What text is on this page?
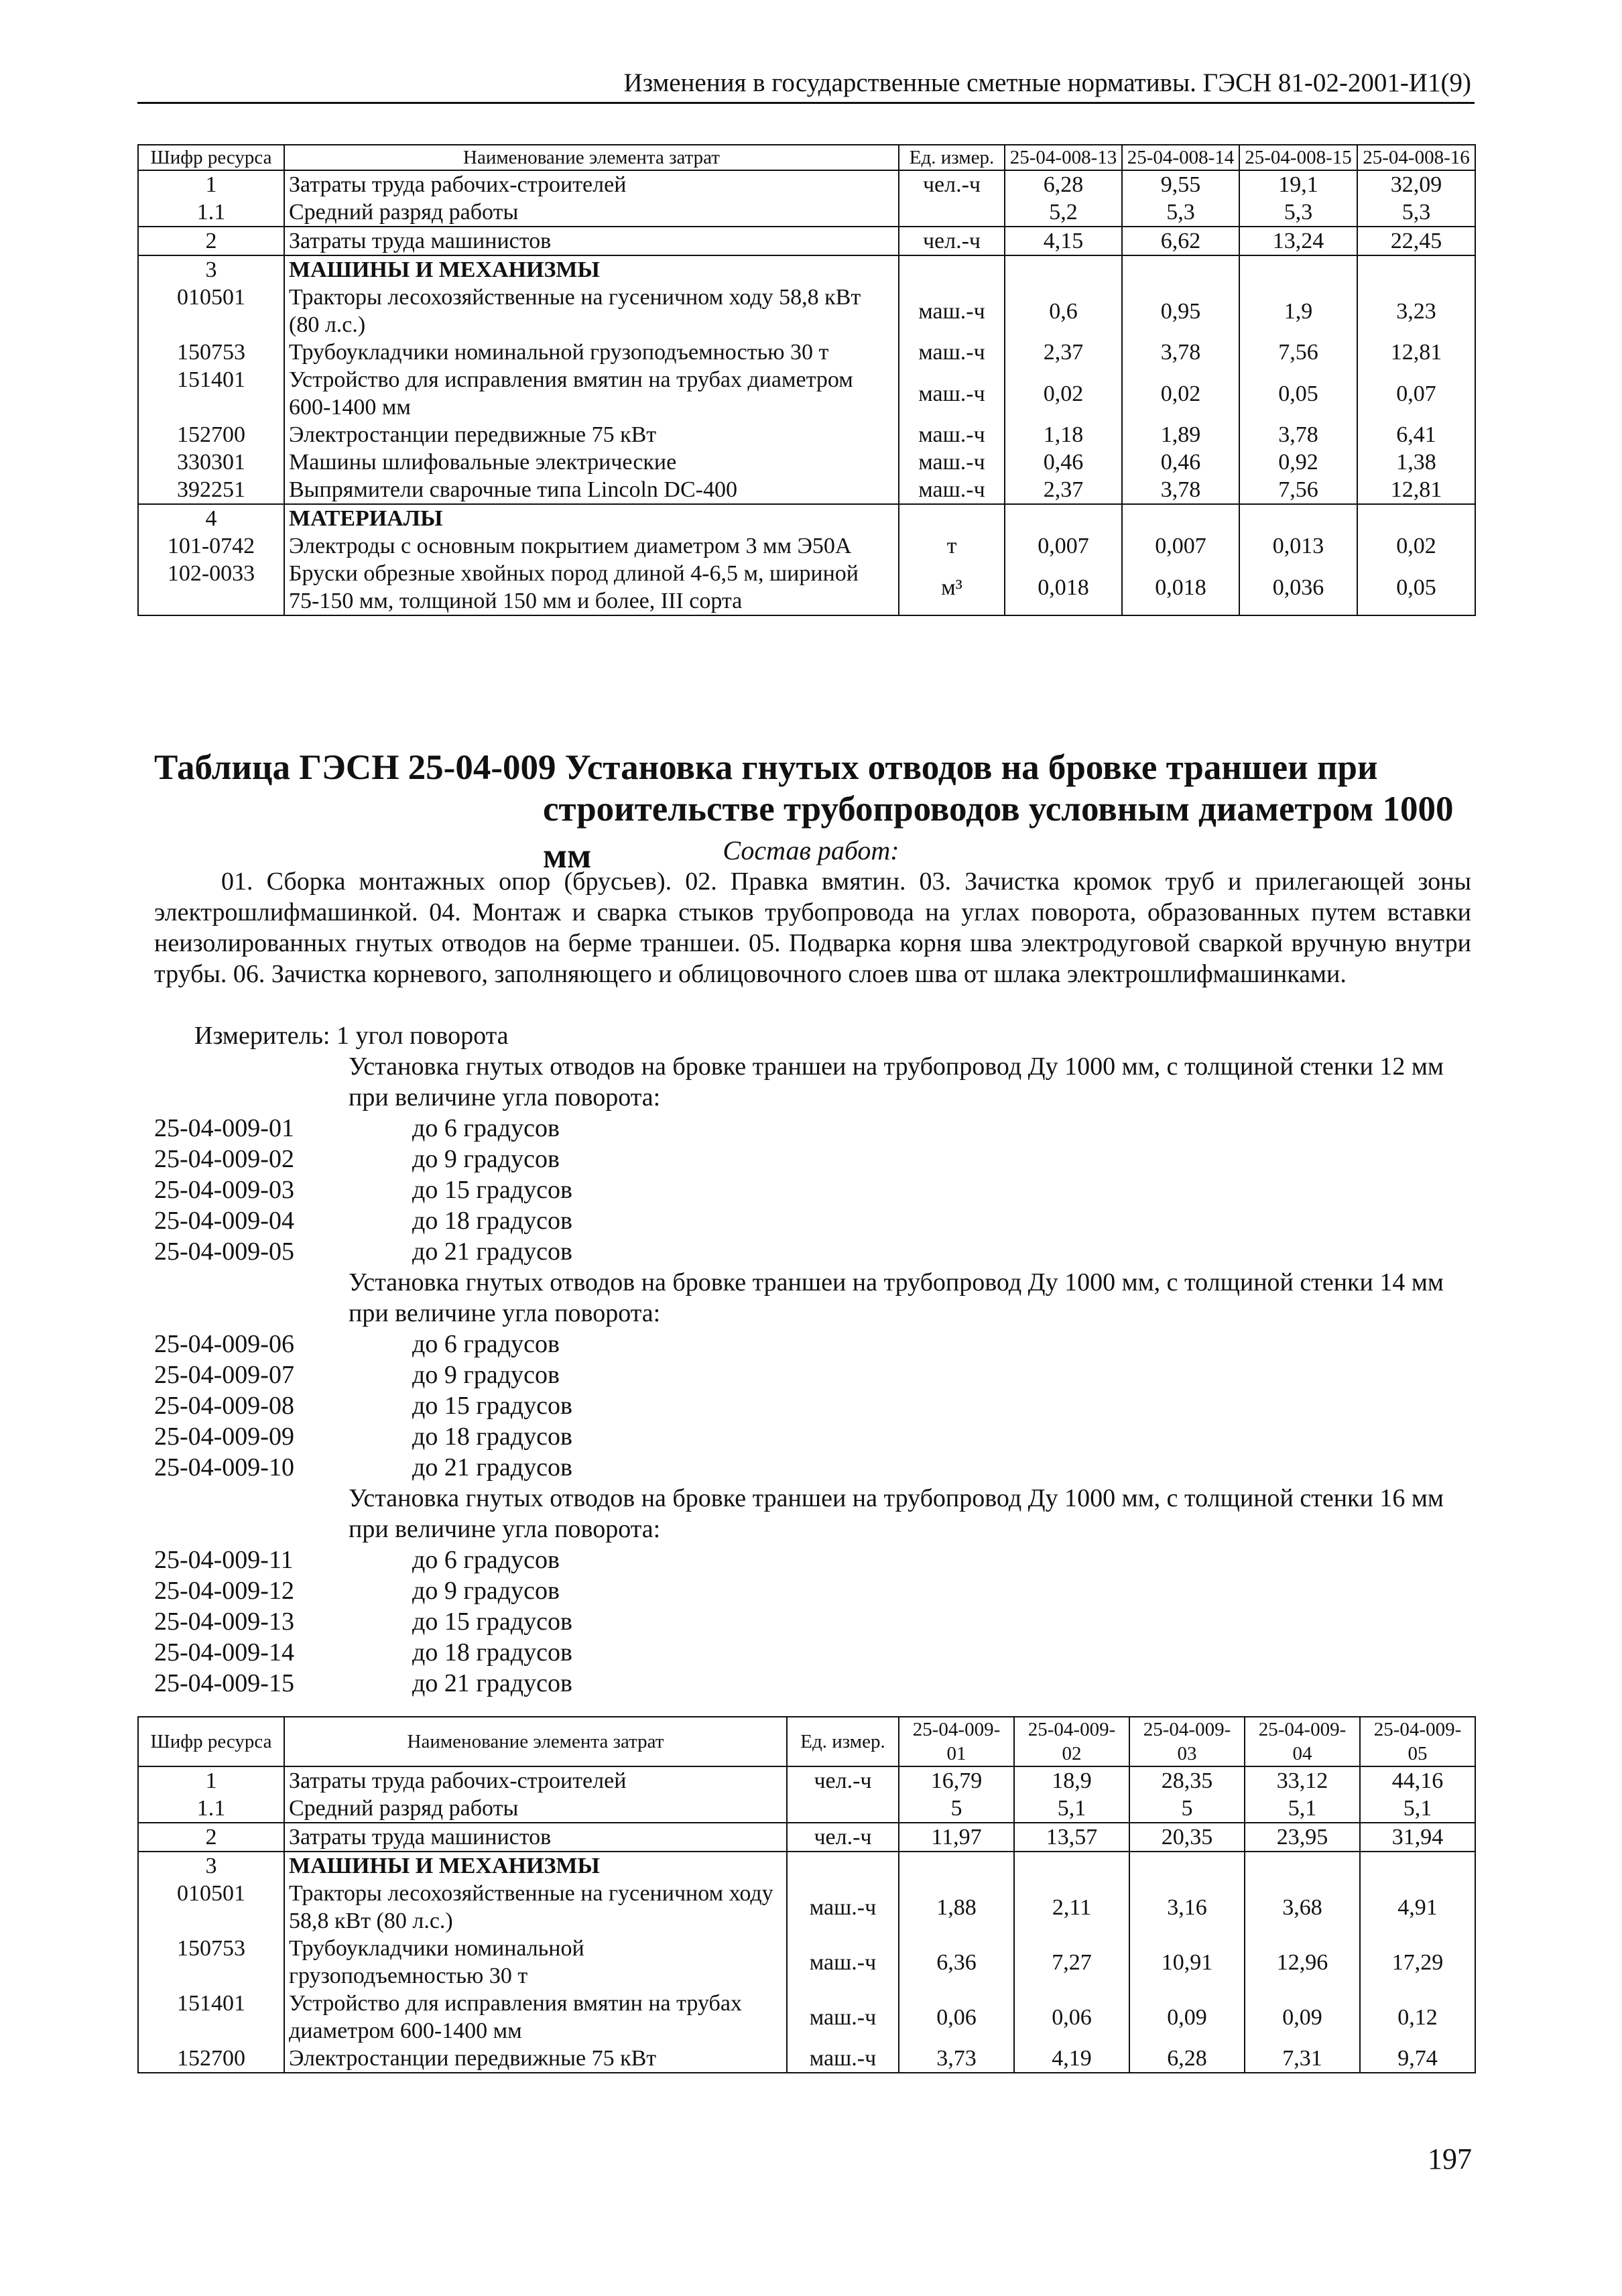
Изменения в государственные сметные нормативы. ГЭСН 81-02-2001-И1(9)
Шифр ресурса	Наименование элемента затрат	Ед. измер.	25-04-008-13	25-04-008-14	25-04-008-15	25-04-008-16
1	Затраты труда рабочих-строителей	чел.-ч	6,28	9,55	19,1	32,09
1.1	Средний разряд работы		5,2	5,3	5,3	5,3
2	Затраты труда машинистов	чел.-ч	4,15	6,62	13,24	22,45
3	МАШИНЫ И МЕХАНИЗМЫ					
010501	Тракторы лесохозяйственные на гусеничном ходу 58,8 кВт (80 л.с.)	маш.-ч	0,6	0,95	1,9	3,23
150753	Трубоукладчики номинальной грузоподъемностью 30 т	маш.-ч	2,37	3,78	7,56	12,81
151401	Устройство для исправления вмятин на трубах диаметром 600-1400 мм	маш.-ч	0,02	0,02	0,05	0,07
152700	Электростанции передвижные 75 кВт	маш.-ч	1,18	1,89	3,78	6,41
330301	Машины шлифовальные электрические	маш.-ч	0,46	0,46	0,92	1,38
392251	Выпрямители сварочные типа Lincoln DC-400	маш.-ч	2,37	3,78	7,56	12,81
4	МАТЕРИАЛЫ					
101-0742	Электроды с основным покрытием диаметром 3 мм Э50А	т	0,007	0,007	0,013	0,02
102-0033	Бруски обрезные хвойных пород длиной 4-6,5 м, шириной 75-150 мм, толщиной 150 мм и более, III сорта	м³	0,018	0,018	0,036	0,05
Таблица ГЭСН 25-04-009 Установка гнутых отводов на бровке траншеи при
строительстве трубопроводов условным диаметром 1000 мм	Состав работ:
01. Сборка монтажных опор (брусьев). 02. Правка вмятин. 03. Зачистка кромок труб и прилегающей зоны электрошлифмашинкой. 04. Монтаж и сварка стыков трубопровода на углах поворота, образованных путем вставки неизолированных гнутых отводов на берме траншеи. 05. Подварка корня шва электродуговой сваркой вручную внутри трубы. 06. Зачистка корневого, заполняющего и облицовочного слоев шва от шлака электрошлифмашинками.
Измеритель: 1 угол поворота
Установка гнутых отводов на бровке траншеи на трубопровод Ду 1000 мм, с толщиной стенки 12 мм при величине угла поворота:
25-04-009-01	до 6 градусов
25-04-009-02	до 9 градусов
25-04-009-03	до 15 градусов
25-04-009-04	до 18 градусов
25-04-009-05	до 21 градусов
Установка гнутых отводов на бровке траншеи на трубопровод Ду 1000 мм, с толщиной стенки 14 мм при величине угла поворота:
25-04-009-06	до 6 градусов
25-04-009-07	до 9 градусов
25-04-009-08	до 15 градусов
25-04-009-09	до 18 градусов
25-04-009-10	до 21 градусов
Установка гнутых отводов на бровке траншеи на трубопровод Ду 1000 мм, с толщиной стенки 16 мм при величине угла поворота:
25-04-009-11	до 6 градусов
25-04-009-12	до 9 градусов
25-04-009-13	до 15 градусов
25-04-009-14	до 18 градусов
25-04-009-15	до 21 градусов
Шифр ресурса	Наименование элемента затрат	Ед. измер.	25-04-009-01	25-04-009-02	25-04-009-03	25-04-009-04	25-04-009-05
1	Затраты труда рабочих-строителей	чел.-ч	16,79	18,9	28,35	33,12	44,16
1.1	Средний разряд работы		5	5,1	5	5,1	5,1
2	Затраты труда машинистов	чел.-ч	11,97	13,57	20,35	23,95	31,94
3	МАШИНЫ И МЕХАНИЗМЫ						
010501	Тракторы лесохозяйственные на гусеничном ходу 58,8 кВт (80 л.с.)	маш.-ч	1,88	2,11	3,16	3,68	4,91
150753	Трубоукладчики номинальной грузоподъемностью 30 т	маш.-ч	6,36	7,27	10,91	12,96	17,29
151401	Устройство для исправления вмятин на трубах диаметром 600-1400 мм	маш.-ч	0,06	0,06	0,09	0,09	0,12
152700	Электростанции передвижные 75 кВт	маш.-ч	3,73	4,19	6,28	7,31	9,74
197
